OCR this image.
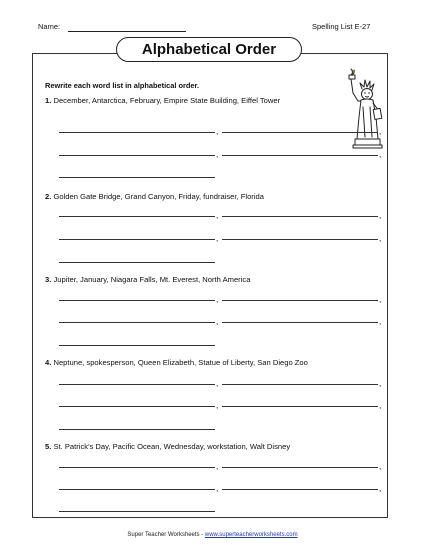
Name:	Spelling List E-27
Alphabetical Order
Rewrite each word list in alphabetical order.
1. December, Antarctica, February, Empire State Building, Eiffel Tower
,	,
,	,
2. Golden Gate Bridge, Grand Canyon, Friday, fundraiser, Florida
,	,
,	,
3. Jupiter, January, Niagara Falls, Mt. Everest, North America
,	,
,	,
4. Neptune, spokesperson, Queen Elizabeth, Statue of Liberty, San Diego Zoo
,	,
,	,
5. St. Patrick's Day, Pacific Ocean, Wednesday, workstation, Walt Disney
,	,
,	,
Super Teacher Worksheets - www.superteacherworksheets.com
